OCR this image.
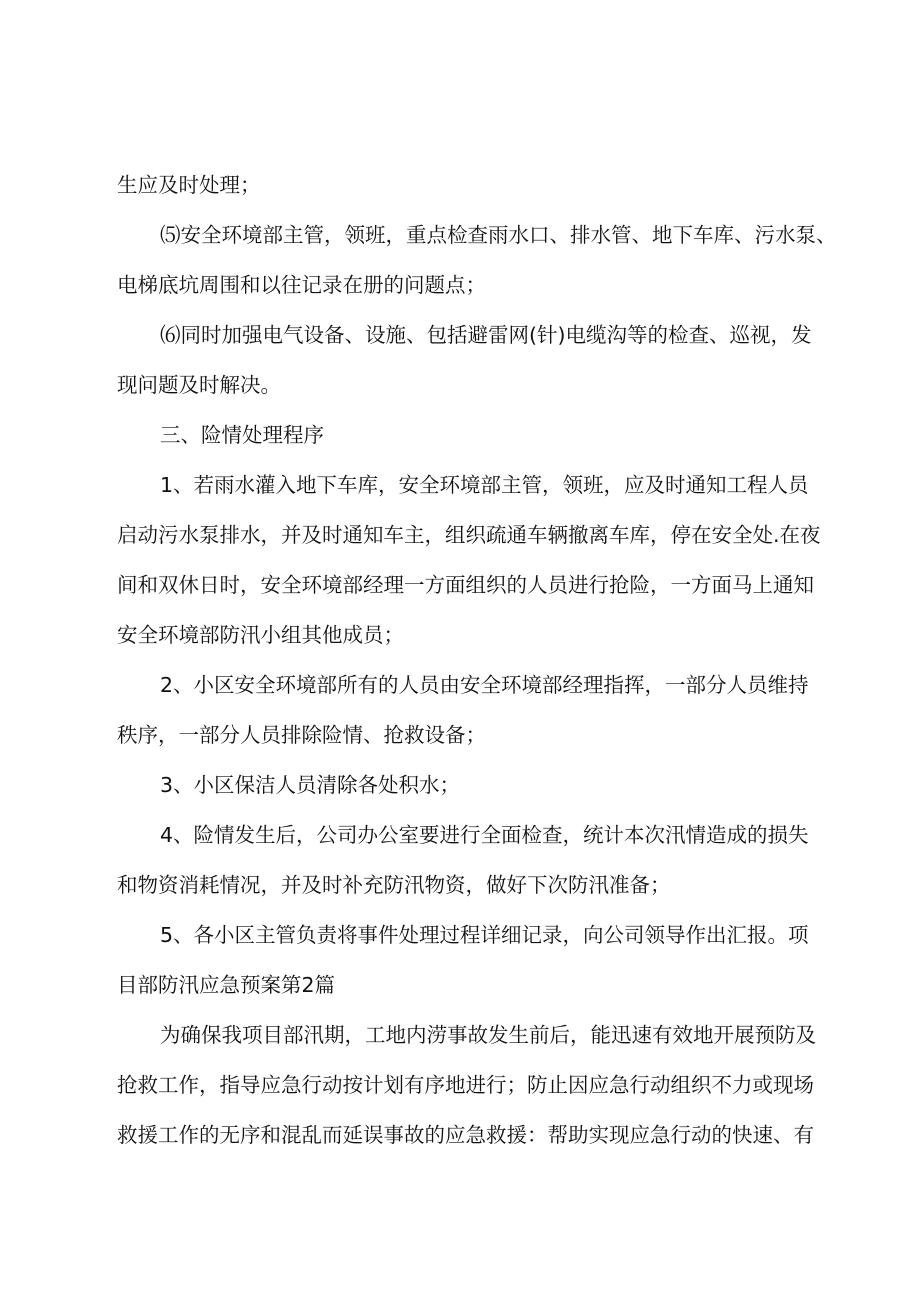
生应及时处理；
⑸安全环境部主管，领班，重点检查雨水口、排水管、地下车库、污水泵、
电梯底坑周围和以往记录在册的问题点；
⑹同时加强电气设备、设施、包括避雷网(针)电缆沟等的检查、巡视，发
现问题及时解决。
三、险情处理程序
1、若雨水灌入地下车库，安全环境部主管，领班，应及时通知工程人员
启动污水泵排水，并及时通知车主，组织疏通车辆撤离车库，停在安全处.在夜
间和双休日时，安全环境部经理一方面组织的人员进行抢险，一方面马上通知
安全环境部防汛小组其他成员；
2、小区安全环境部所有的人员由安全环境部经理指挥，一部分人员维持
秩序，一部分人员排除险情、抢救设备；
3、小区保洁人员清除各处积水；
4、险情发生后，公司办公室要进行全面检查，统计本次汛情造成的损失
和物资消耗情况，并及时补充防汛物资，做好下次防汛准备；
5、各小区主管负责将事件处理过程详细记录，向公司领导作出汇报。项
目部防汛应急预案第2篇
为确保我项目部汛期，工地内涝事故发生前后，能迅速有效地开展预防及
抢救工作，指导应急行动按计划有序地进行；防止因应急行动组织不力或现场
救援工作的无序和混乱而延误事故的应急救援：帮助实现应急行动的快速、有
